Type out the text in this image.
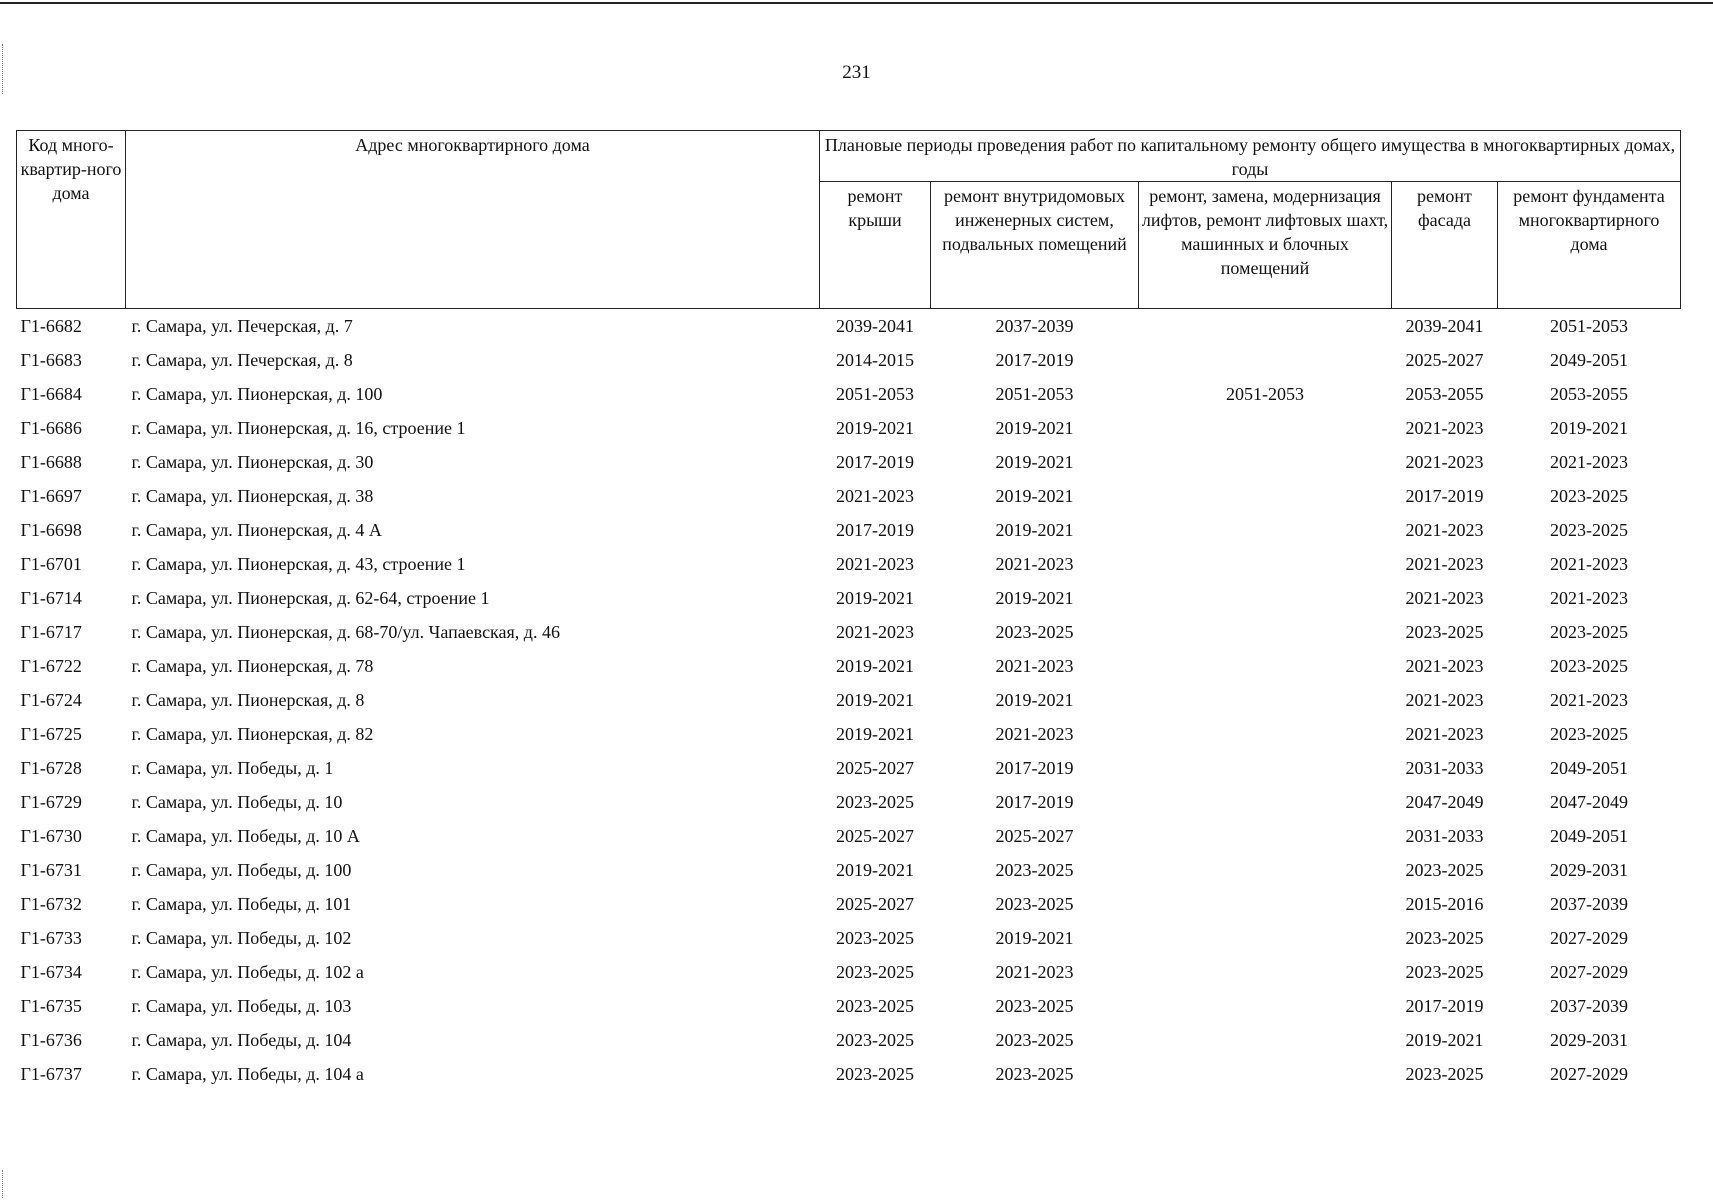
231
Код много-квартир-ного дома	Адрес многоквартирного дома	Плановые периоды проведения работ по капитальному ремонту общего имущества в многоквартирных домах, годы				
		ремонт крыши	ремонт внутридомовых инженерных систем, подвальных помещений	ремонт, замена, модернизация лифтов, ремонт лифтовых шахт, машинных и блочных помещений	ремонт фасада	ремонт фундамента многоквартирного дома
Г1-6682	г. Самара, ул. Печерская, д. 7	2039-2041	2037-2039		2039-2041	2051-2053
Г1-6683	г. Самара, ул. Печерская, д. 8	2014-2015	2017-2019		2025-2027	2049-2051
Г1-6684	г. Самара, ул. Пионерская, д. 100	2051-2053	2051-2053	2051-2053	2053-2055	2053-2055
Г1-6686	г. Самара, ул. Пионерская, д. 16, строение 1	2019-2021	2019-2021		2021-2023	2019-2021
Г1-6688	г. Самара, ул. Пионерская, д. 30	2017-2019	2019-2021		2021-2023	2021-2023
Г1-6697	г. Самара, ул. Пионерская, д. 38	2021-2023	2019-2021		2017-2019	2023-2025
Г1-6698	г. Самара, ул. Пионерская, д. 4 А	2017-2019	2019-2021		2021-2023	2023-2025
Г1-6701	г. Самара, ул. Пионерская, д. 43, строение 1	2021-2023	2021-2023		2021-2023	2021-2023
Г1-6714	г. Самара, ул. Пионерская, д. 62-64, строение 1	2019-2021	2019-2021		2021-2023	2021-2023
Г1-6717	г. Самара, ул. Пионерская, д. 68-70/ул. Чапаевская, д. 46	2021-2023	2023-2025		2023-2025	2023-2025
Г1-6722	г. Самара, ул. Пионерская, д. 78	2019-2021	2021-2023		2021-2023	2023-2025
Г1-6724	г. Самара, ул. Пионерская, д. 8	2019-2021	2019-2021		2021-2023	2021-2023
Г1-6725	г. Самара, ул. Пионерская, д. 82	2019-2021	2021-2023		2021-2023	2023-2025
Г1-6728	г. Самара, ул. Победы, д. 1	2025-2027	2017-2019		2031-2033	2049-2051
Г1-6729	г. Самара, ул. Победы, д. 10	2023-2025	2017-2019		2047-2049	2047-2049
Г1-6730	г. Самара, ул. Победы, д. 10 А	2025-2027	2025-2027		2031-2033	2049-2051
Г1-6731	г. Самара, ул. Победы, д. 100	2019-2021	2023-2025		2023-2025	2029-2031
Г1-6732	г. Самара, ул. Победы, д. 101	2025-2027	2023-2025		2015-2016	2037-2039
Г1-6733	г. Самара, ул. Победы, д. 102	2023-2025	2019-2021		2023-2025	2027-2029
Г1-6734	г. Самара, ул. Победы, д. 102 а	2023-2025	2021-2023		2023-2025	2027-2029
Г1-6735	г. Самара, ул. Победы, д. 103	2023-2025	2023-2025		2017-2019	2037-2039
Г1-6736	г. Самара, ул. Победы, д. 104	2023-2025	2023-2025		2019-2021	2029-2031
Г1-6737	г. Самара, ул. Победы, д. 104 а	2023-2025	2023-2025		2023-2025	2027-2029
